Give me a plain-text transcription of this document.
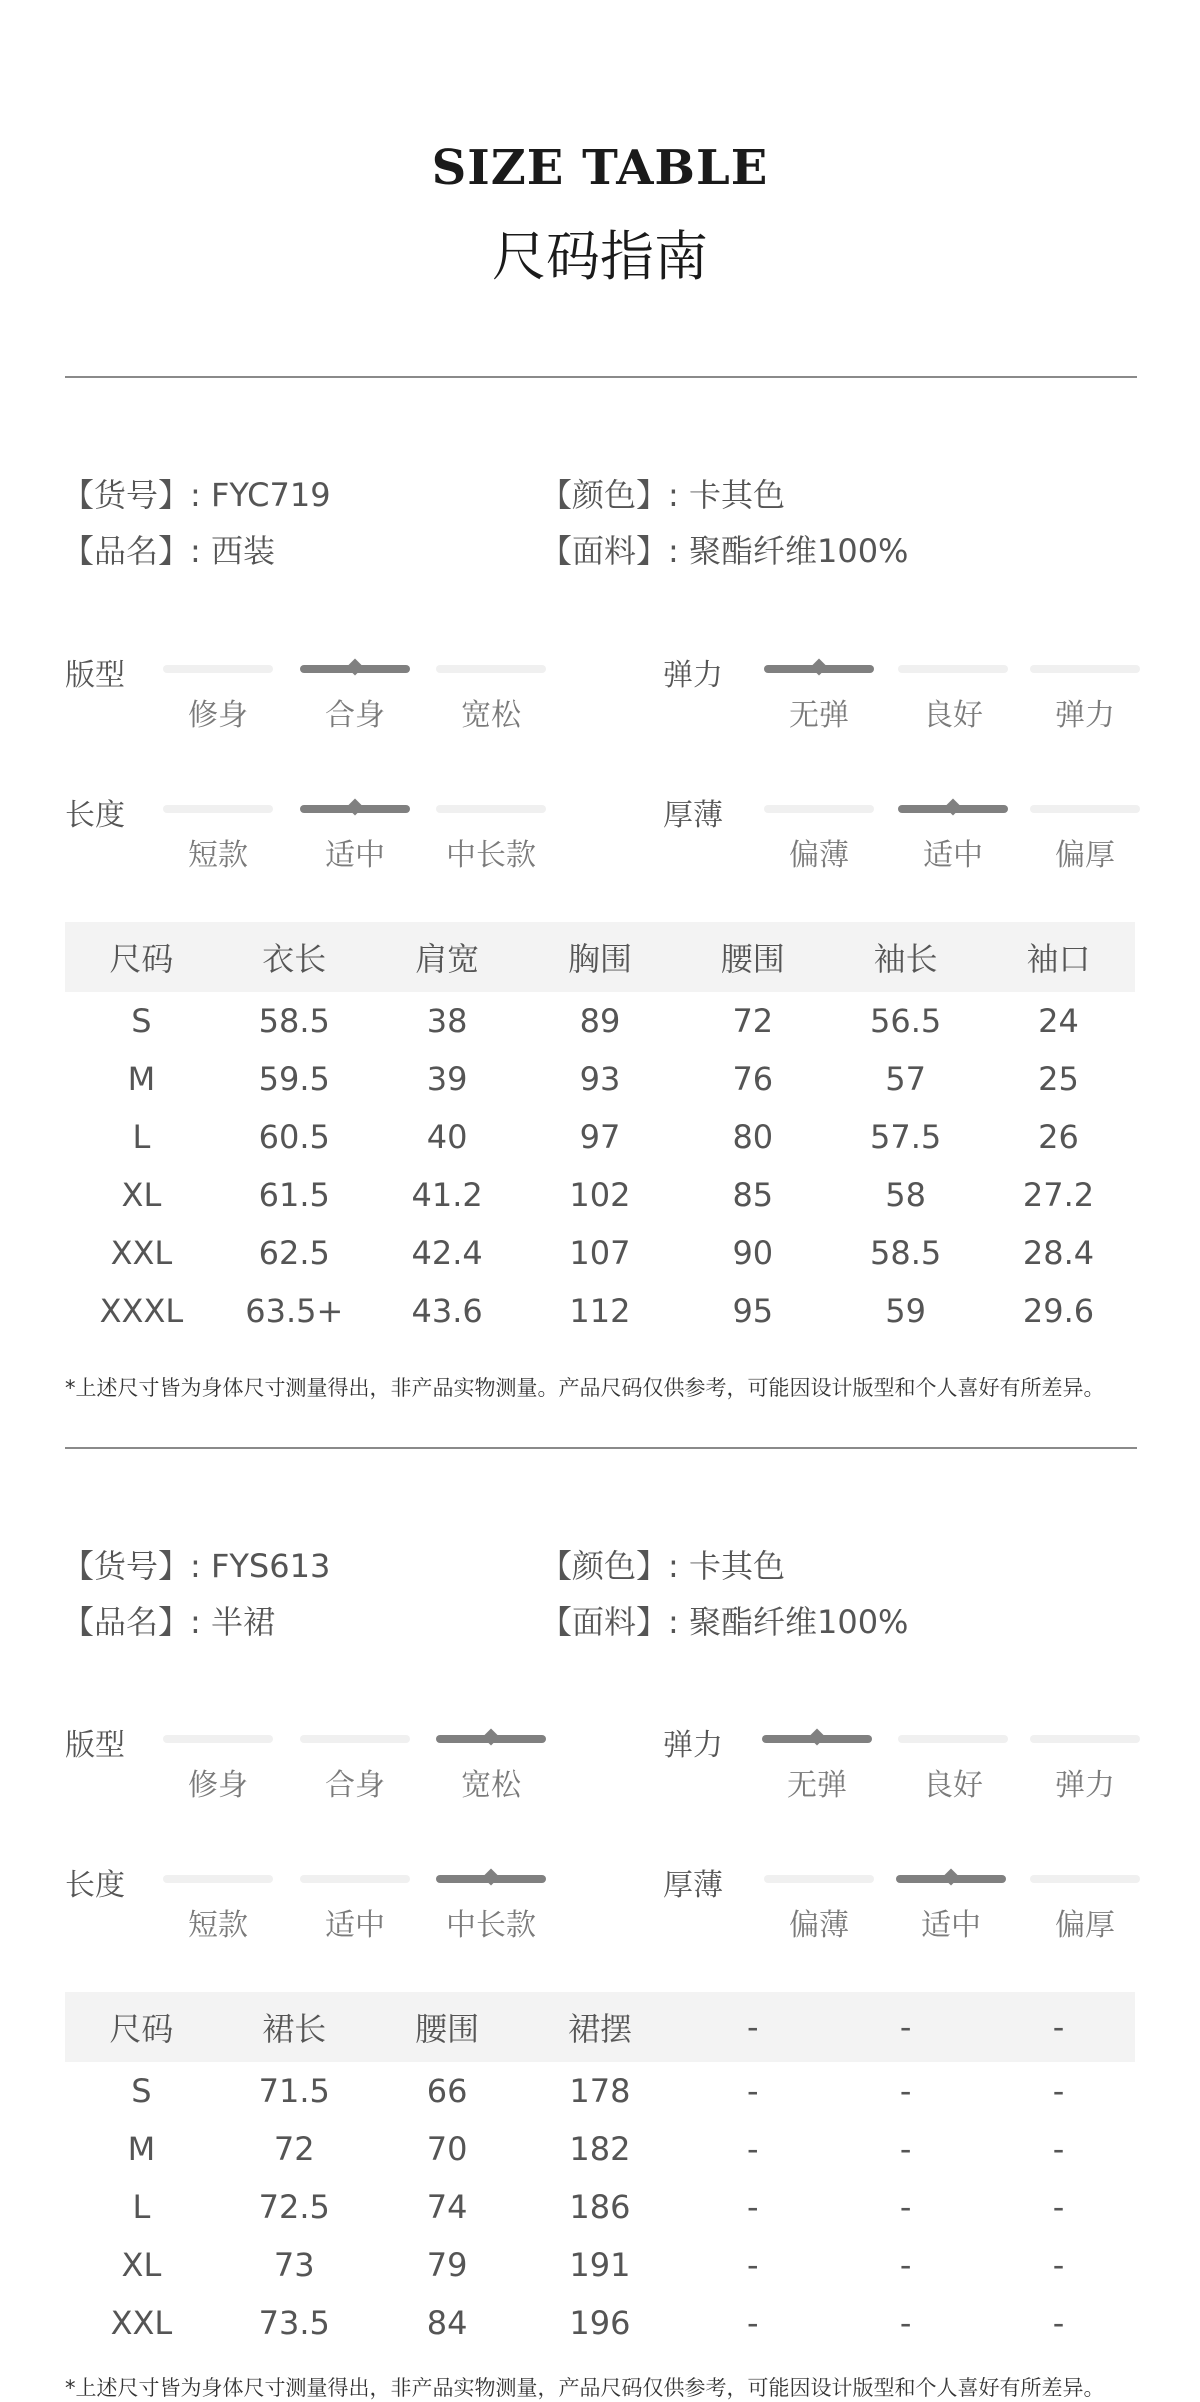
SIZE TABLE
尺码指南
【货号】: FYC719
【品名】: 西装
【颜色】: 卡其色
【面料】: 聚酯纤维100%
版型
修身	合身	宽松
弹力
无弹	良好	弹力
长度
短款	适中	中长款
厚薄
偏薄	适中	偏厚
尺码	衣长	肩宽	胸围	腰围	袖长	袖口
S	58.5	38	89	72	56.5	24
M	59.5	39	93	76	57	25
L	60.5	40	97	80	57.5	26
XL	61.5	41.2	102	85	58	27.2
XXL	62.5	42.4	107	90	58.5	28.4
XXXL	63.5+	43.6	112	95	59	29.6
*上述尺寸皆为身体尺寸测量得出，非产品实物测量。产品尺码仅供参考，可能因设计版型和个人喜好有所差异。
【货号】: FYS613
【品名】: 半裙
【颜色】: 卡其色
【面料】: 聚酯纤维100%
版型
修身	合身	宽松
弹力
无弹	良好	弹力
长度
短款	适中	中长款
厚薄
偏薄	适中	偏厚
尺码	裙长	腰围	裙摆	-	-	-
S	71.5	66	178	-	-	-
M	72	70	182	-	-	-
L	72.5	74	186	-	-	-
XL	73	79	191	-	-	-
XXL	73.5	84	196	-	-	-
*上述尺寸皆为身体尺寸测量得出，非产品实物测量，产品尺码仅供参考，可能因设计版型和个人喜好有所差异。
